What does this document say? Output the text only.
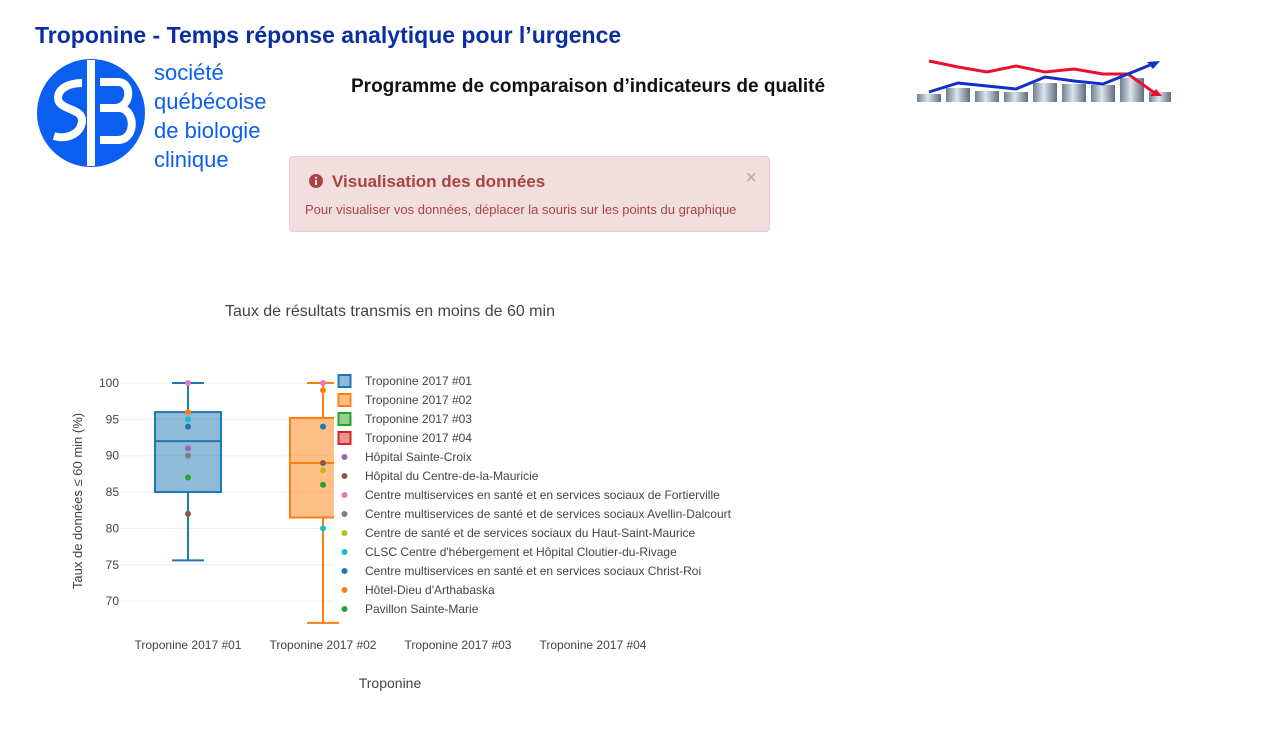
Troponine - Temps réponse analytique pour l’urgence
société
québécoise
de biologie
clinique
Programme de comparaison d’indicateurs de qualité
Visualisation des données
Pour visualiser vos données, déplacer la souris sur les points du graphique
×
Taux de résultats transmis en moins de 60 min
Troponine
Taux de données ≤ 60 min (%)
70
75
80
85
90
95
100
Troponine 2017 #01 Troponine 2017 #02 Troponine 2017 #03 Troponine 2017 #04
Troponine 2017 #01
Troponine 2017 #02
Troponine 2017 #03
Troponine 2017 #04
Hôpital Sainte-Croix
Hôpital du Centre-de-la-Mauricie
Centre multiservices en santé et en services sociaux de Fortierville
Centre multiservices de santé et de services sociaux Avellin-Dalcourt
Centre de santé et de services sociaux du Haut-Saint-Maurice
CLSC Centre d'hébergement et Hôpital Cloutier-du-Rivage
Centre multiservices en santé et en services sociaux Christ-Roi
Hôtel-Dieu d'Arthabaska
Pavillon Sainte-Marie
